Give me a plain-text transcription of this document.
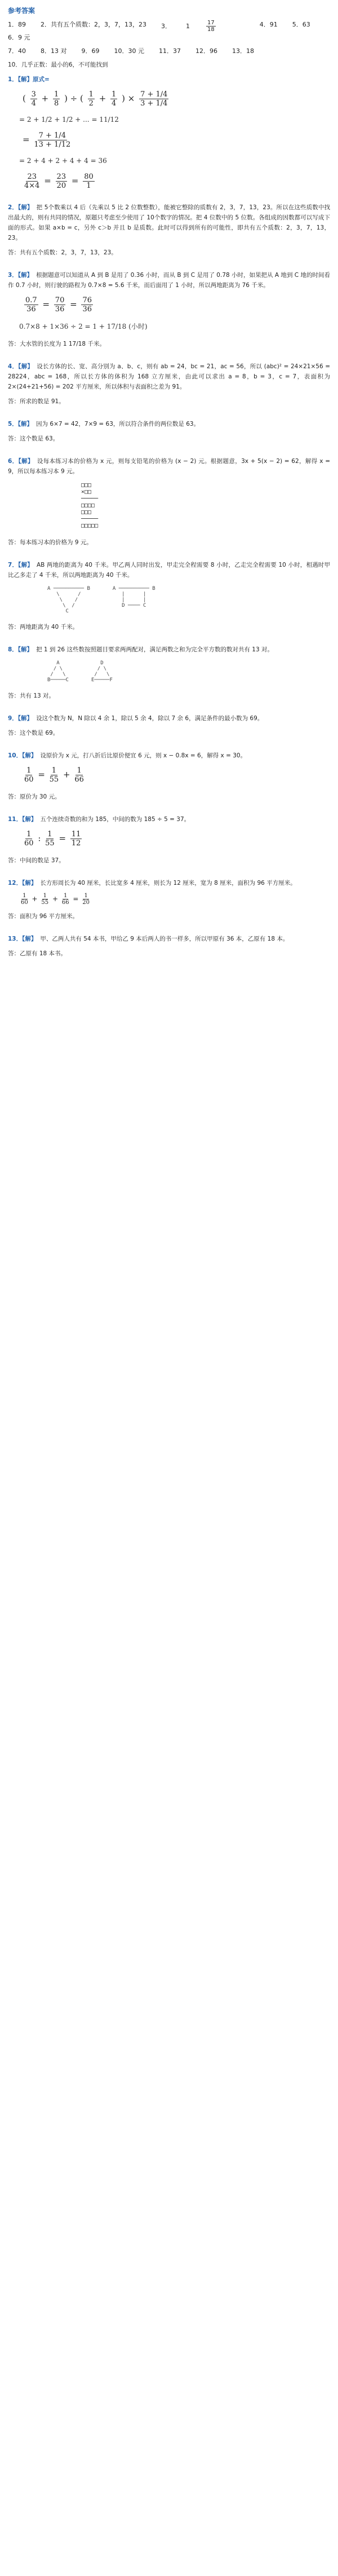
参考答案
1．89 2．共有五个质数：2，3，7，13，23 3． 1	$\frac{17}{18}$	4．91 5．63
6．9 元
7．40 8．13 对 9．69 10．30 元 11．37 12．96 13．18
10．几乎正数：最小的6，不可能找到
1．【解】原式=
( $\frac{3}{4} + \frac{1}{8}$ ) ÷ ( $\frac{1}{2} + \frac{1}{4}$ ) × $\frac{7 + 1/4}{3 + 1/4}$
= 2 + 1/2 + 1/2 + ... = 11/12
= $\frac{7 + 1/4}{13 + 1/12}$
= 2 + 4 + 2 + 4 + 4 = 36
$\frac{23}{4\times 4} = \frac{23}{20} = \frac{80}{1}$
2．【解】 把 5个数乘以 4 后（先乘以 5 比 2 位数整数），能被它整除的质数有 2，3，7，13，23。所以在这些质数中找出最大的，则有共同的情况，原题只考虑至少使用了 10个数字的情况。把 4 位数中的 5 位数。各组成的因数都可以写成下面的形式。如果 a×b = c，另外 c＞b 并且 b 是质数。此时可以得到所有的可能性，即共有五个质数：2，3，7，13，23。
答：共有五个质数：2，3，7，13，23。
3．【解】 根据题意可以知道从 A 到 B 是用了 0.36 小时，而从 B 到 C 是用了 0.78 小时，如果把从 A 地到 C 地的时间看作 0.7 小时，则行驶的路程为 0.7×8 = 5.6 千米，而后面用了 1 小时，所以两地距离为 76 千米。
$\frac{0.7}{36} = \frac{70}{36} = \frac{76}{36}$
0.7×8 + 1×36 ÷ 2 = 1 + 17/18 (小时)
答：大水管的长度为 1 17/18 千米。
4．【解】 设长方体的长、宽、高分别为 a、b、c，则有 ab = 24，bc = 21，ac = 56，所以 (abc)² = 24×21×56 = 28224，abc = 168，所以长方体的体积为 168 立方厘米，由此可以求出 a = 8，b = 3，c = 7，表面积为 2×(24+21+56) = 202 平方厘米，所以体积与表面积之差为 91。
答：所求的数是 91。
5．【解】 因为 6×7 = 42，7×9 = 63，所以符合条件的两位数是 63。
答：这个数是 63。
6．【解】 设每本练习本的价格为 x 元，则每支铅笔的价格为 (x − 2) 元。根据题意，3x + 5(x − 2) = 62，解得 x = 9，所以每本练习本 9 元。
□□□
×□□
─────
□□□□
□□□
─────
□□□□□
答：每本练习本的价格为 9 元。
7．【解】 AB 两地的距离为 40 千米。甲乙两人同时出发，甲走完全程需要 8 小时，乙走完全程需要 10 小时，相遇时甲比乙多走了 4 千米，所以两地距离为 40 千米。
A ────────── B
\      /
\    /
\  /
C
A ────────── B
|      |
|      |
D ──── C
答：两地距离为 40 千米。
8．【解】 把 1 到 26 这些数按照题目要求两两配对，满足两数之和为完全平方数的数对共有 13 对。
A
/ \
/   \
B─────C
D
/ \
/   \
E─────F
答：共有 13 对。
9．【解】 设这个数为 N，N 除以 4 余 1，除以 5 余 4，除以 7 余 6，满足条件的最小数为 69。
答：这个数是 69。
10．【解】 设原价为 x 元，打八折后比原价便宜 6 元，则 x − 0.8x = 6，解得 x = 30。
$\frac{1}{60} = \frac{1}{55} + \frac{1}{66}$
答：原价为 30 元。
11．【解】 五个连续奇数的和为 185，中间的数为 185 ÷ 5 = 37。
$\frac{1}{60}$ : $\frac{1}{55} = \frac{11}{12}$
答：中间的数是 37。
12．【解】 长方形周长为 40 厘米，长比宽多 4 厘米，则长为 12 厘米，宽为 8 厘米，面积为 96 平方厘米。
$\frac{1}{60} + \frac{1}{55} + \frac{1}{66} = \frac{1}{20}$
答：面积为 96 平方厘米。
13．【解】 甲、乙两人共有 54 本书，甲给乙 9 本后两人的书一样多，所以甲原有 36 本，乙原有 18 本。
答：乙原有 18 本书。
